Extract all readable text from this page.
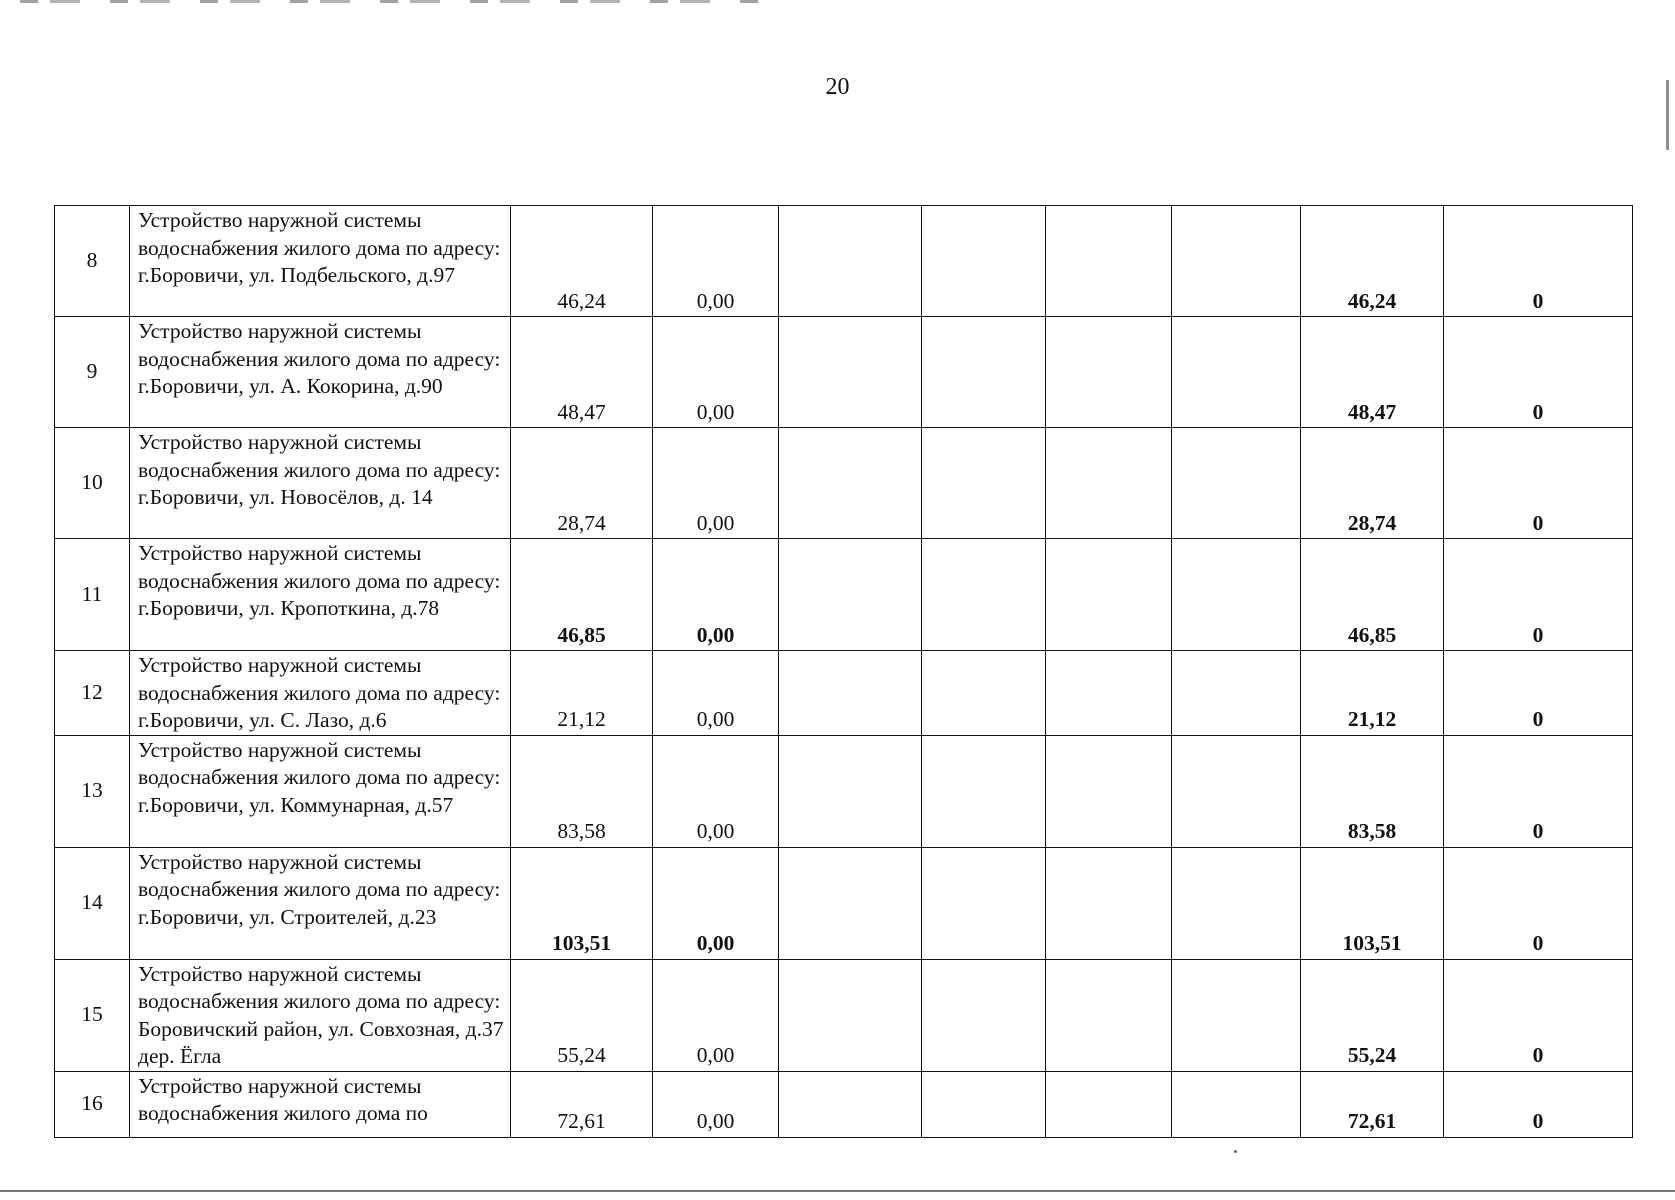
20
8	Устройство наружной системы водоснабжения жилого дома по адресу: г.Боровичи, ул. Подбельского, д.97	46,24	0,00					46,24	0
9	Устройство наружной системы водоснабжения жилого дома по адресу: г.Боровичи, ул. А. Кокорина, д.90	48,47	0,00					48,47	0
10	Устройство наружной системы водоснабжения жилого дома по адресу: г.Боровичи, ул. Новосёлов, д. 14	28,74	0,00					28,74	0
11	Устройство наружной системы водоснабжения жилого дома по адресу: г.Боровичи, ул. Кропоткина, д.78	46,85	0,00					46,85	0
12	Устройство наружной системы водоснабжения жилого дома по адресу: г.Боровичи, ул. С. Лазо, д.6	21,12	0,00					21,12	0
13	Устройство наружной системы водоснабжения жилого дома по адресу: г.Боровичи, ул. Коммунарная, д.57	83,58	0,00					83,58	0
14	Устройство наружной системы водоснабжения жилого дома по адресу: г.Боровичи, ул. Строителей, д.23	103,51	0,00					103,51	0
15	Устройство наружной системы водоснабжения жилого дома по адресу: Боровичский район, ул. Совхозная, д.37 дер. Ёгла	55,24	0,00					55,24	0
16	Устройство наружной системы водоснабжения жилого дома по	72,61	0,00					72,61	0
